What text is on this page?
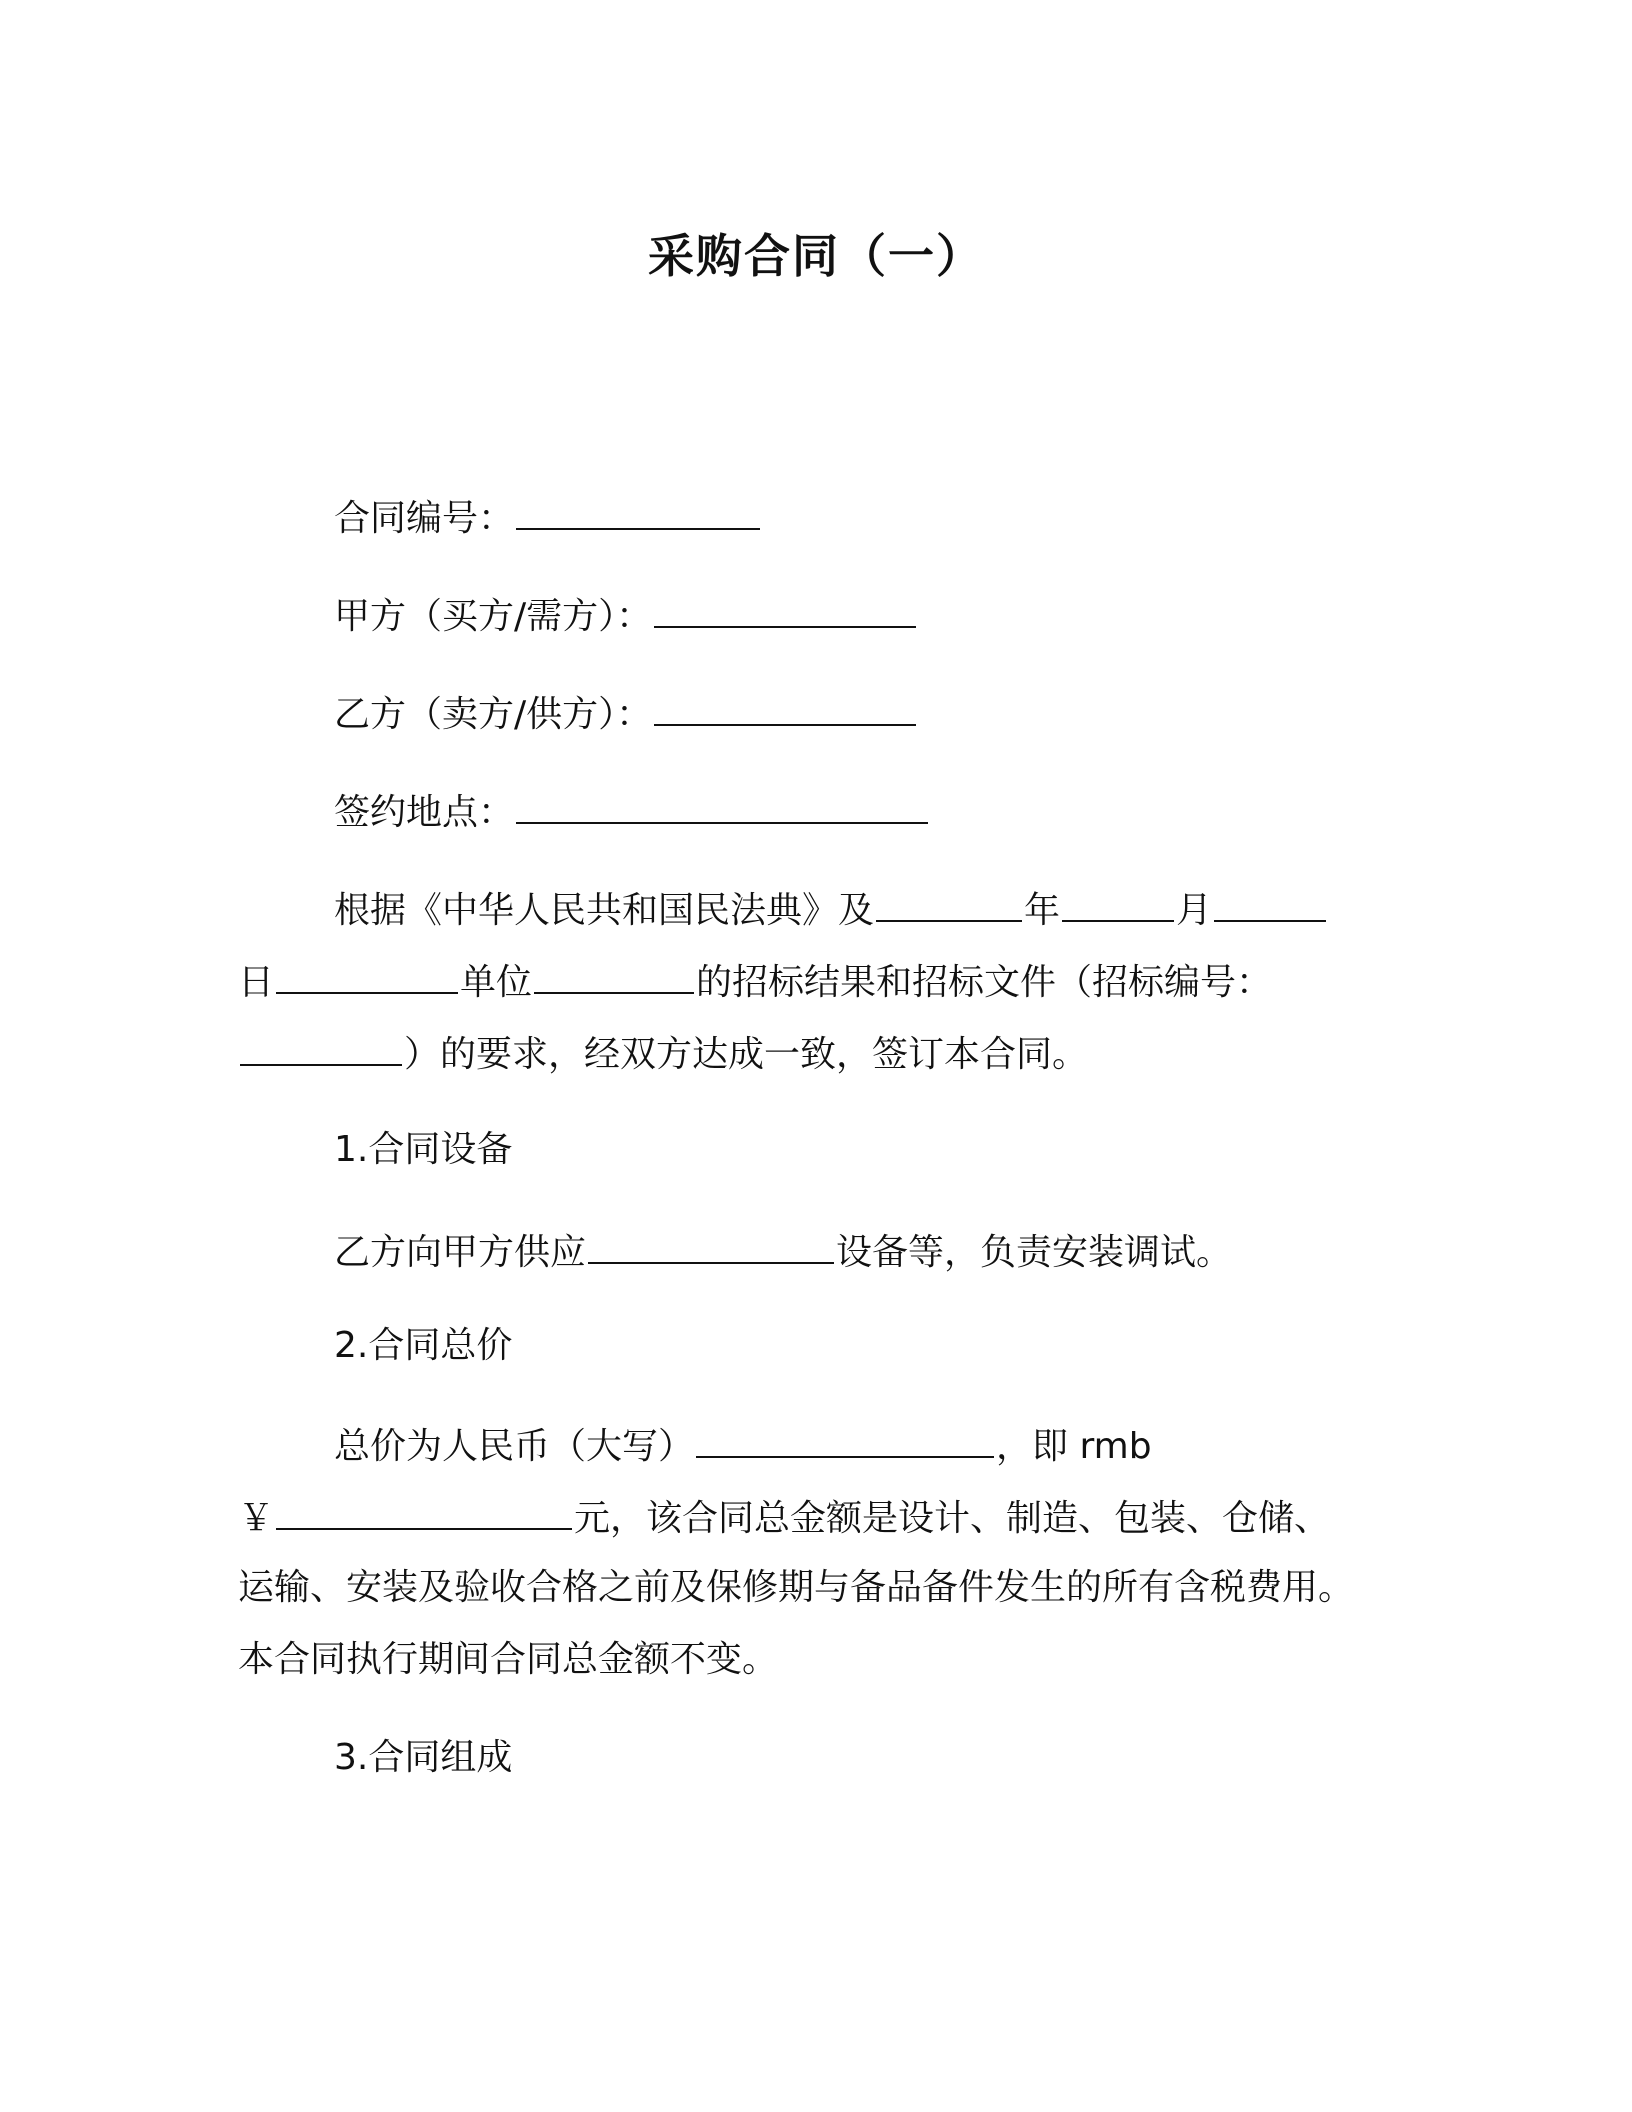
采购合同（一）
合同编号：
甲方（买方/需方）：
乙方（卖方/供方）：
签约地点：
根据《中华人民共和国民法典》及	年	月
日	单位	的招标结果和招标文件（招标编号：
）的要求，经双方达成一致，签订本合同。
1.合同设备
乙方向甲方供应	设备等，负责安装调试。
2.合同总价
总价为人民币（大写）	，即 rmb
￥	元，该合同总金额是设计、制造、包装、仓储、
运输、安装及验收合格之前及保修期与备品备件发生的所有含税费用。
本合同执行期间合同总金额不变。
3.合同组成
